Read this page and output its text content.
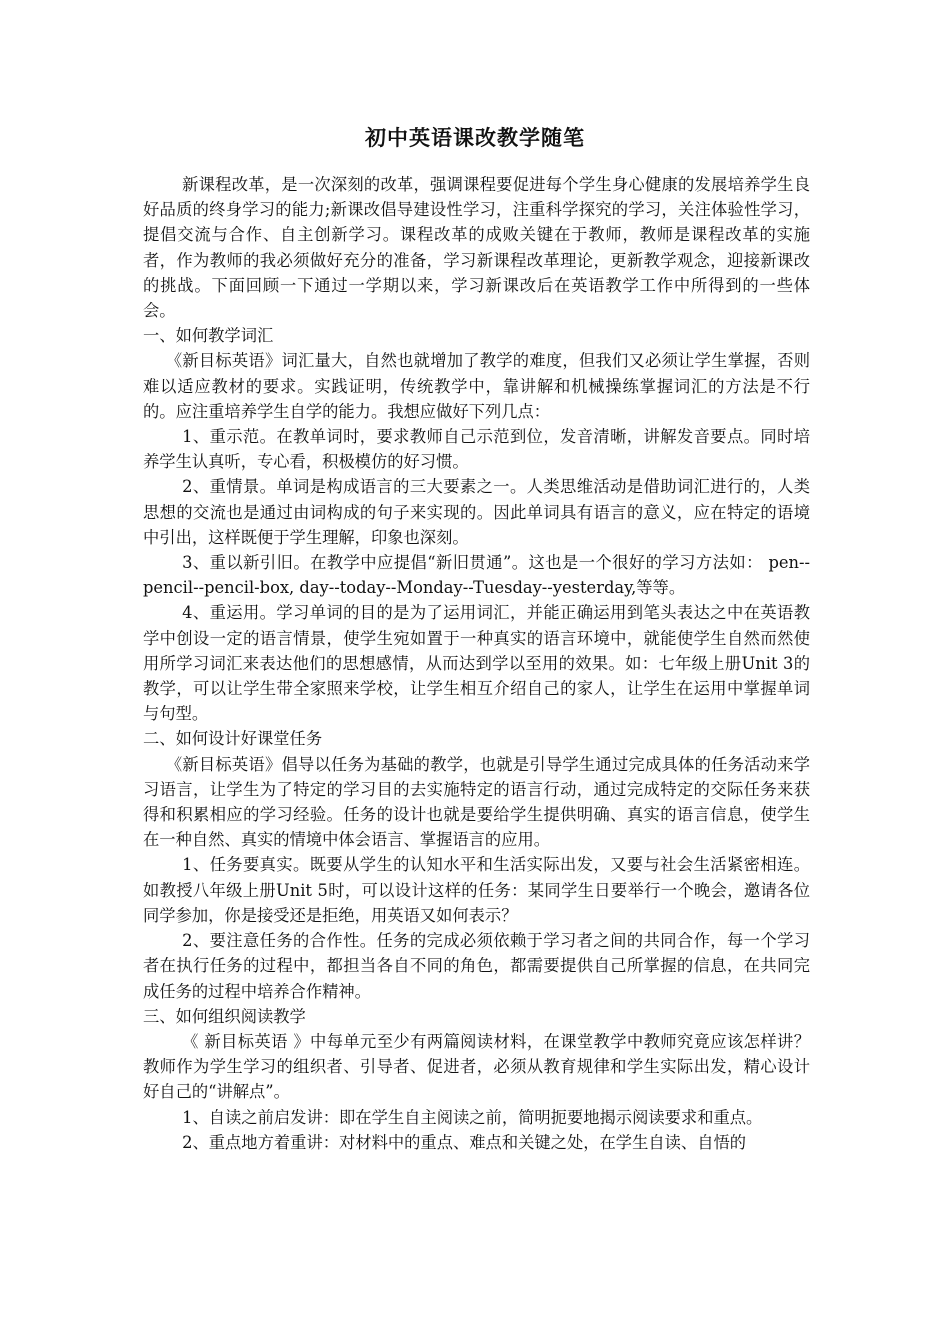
初中英语课改教学随笔

新课程改革，是一次深刻的改革，强调课程要促进每个学生身心健康的发展培养学生良好品质的终身学习的能力;新课改倡导建设性学习，注重科学探究的学习，关注体验性学习，提倡交流与合作、自主创新学习。课程改革的成败关键在于教师，教师是课程改革的实施者，作为教师的我必须做好充分的准备，学习新课程改革理论，更新教学观念，迎接新课改的挑战。下面回顾一下通过一学期以来，学习新课改后在英语教学工作中所得到的一些体会。

一、如何教学词汇

《新目标英语》词汇量大，自然也就增加了教学的难度，但我们又必须让学生掌握，否则难以适应教材的要求。实践证明，传统教学中，靠讲解和机械操练掌握词汇的方法是不行的。应注重培养学生自学的能力。我想应做好下列几点：

1、重示范。在教单词时，要求教师自己示范到位，发音清晰，讲解发音要点。同时培养学生认真听，专心看，积极模仿的好习惯。

2、重情景。单词是构成语言的三大要素之一。人类思维活动是借助词汇进行的，人类思想的交流也是通过由词构成的句子来实现的。因此单词具有语言的意义，应在特定的语境中引出，这样既便于学生理解，印象也深刻。

3、重以新引旧。在教学中应提倡“新旧贯通”。这也是一个很好的学习方法如： pen--pencil--pencil-box, day--today--Monday--Tuesday--yesterday,等等。

4、重运用。学习单词的目的是为了运用词汇，并能正确运用到笔头表达之中在英语教学中创设一定的语言情景，使学生宛如置于一种真实的语言环境中，就能使学生自然而然使用所学习词汇来表达他们的思想感情，从而达到学以至用的效果。如：七年级上册Unit 3的教学，可以让学生带全家照来学校，让学生相互介绍自己的家人，让学生在运用中掌握单词与句型。

二、如何设计好课堂任务

《新目标英语》倡导以任务为基础的教学，也就是引导学生通过完成具体的任务活动来学习语言，让学生为了特定的学习目的去实施特定的语言行动，通过完成特定的交际任务来获得和积累相应的学习经验。任务的设计也就是要给学生提供明确、真实的语言信息，使学生在一种自然、真实的情境中体会语言、掌握语言的应用。

1、任务要真实。既要从学生的认知水平和生活实际出发，又要与社会生活紧密相连。如教授八年级上册Unit 5时，可以设计这样的任务：某同学生日要举行一个晚会，邀请各位同学参加，你是接受还是拒绝，用英语又如何表示？

2、要注意任务的合作性。任务的完成必须依赖于学习者之间的共同合作，每一个学习者在执行任务的过程中，都担当各自不同的角色，都需要提供自己所掌握的信息，在共同完成任务的过程中培养合作精神。

三、如何组织阅读教学

《 新目标英语 》中每单元至少有两篇阅读材料，在课堂教学中教师究竟应该怎样讲？教师作为学生学习的组织者、引导者、促进者，必须从教育规律和学生实际出发，精心设计好自己的“讲解点”。

1、自读之前启发讲：即在学生自主阅读之前，简明扼要地揭示阅读要求和重点。

2、重点地方着重讲：对材料中的重点、难点和关键之处，在学生自读、自悟的
